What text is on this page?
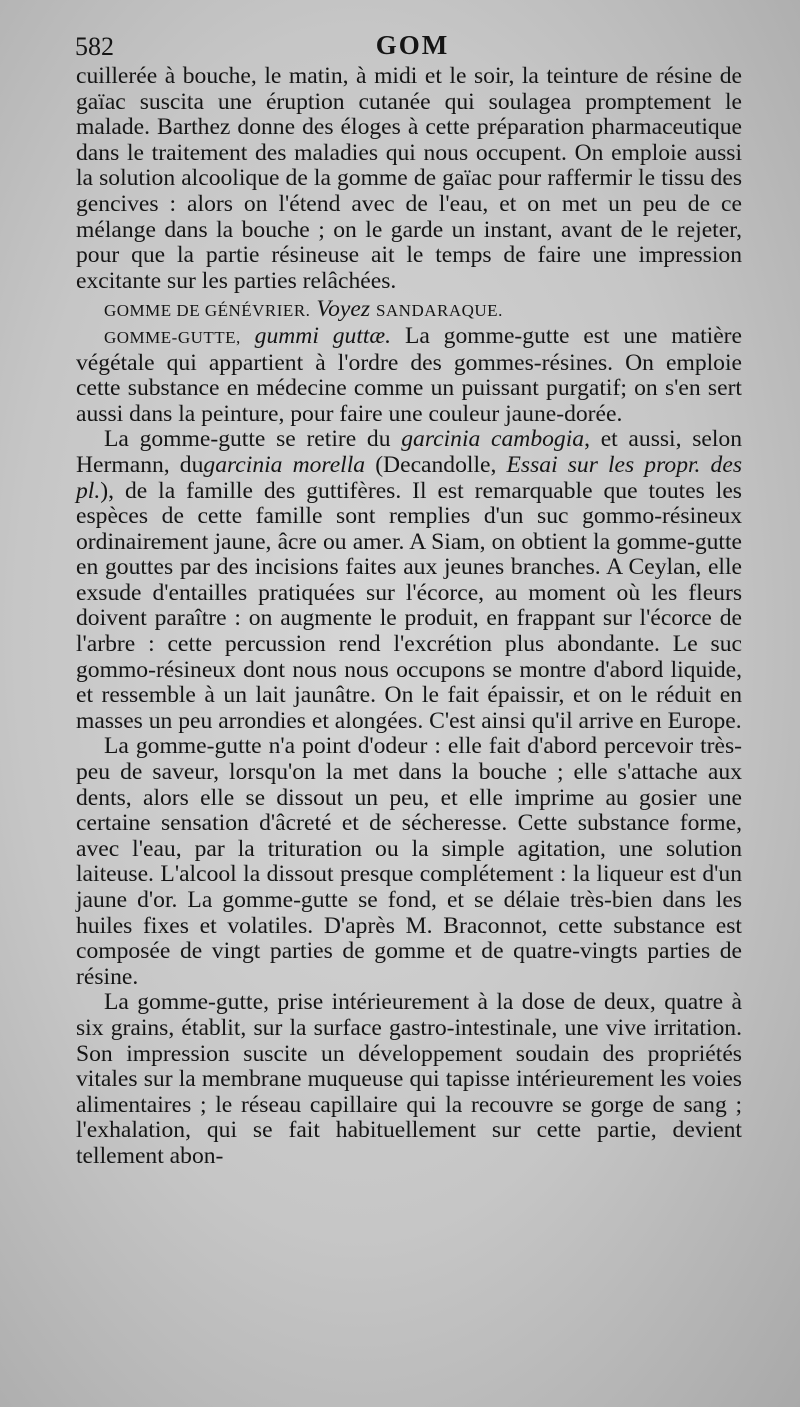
582	GOM

cuillerée à bouche, le matin, à midi et le soir, la teinture de résine de gaïac suscita une éruption cutanée qui soulagea promptement le malade. Barthez donne des éloges à cette préparation pharmaceutique dans le traitement des maladies qui nous occupent. On emploie aussi la solution alcoolique de la gomme de gaïac pour raffermir le tissu des gencives : alors on l'étend avec de l'eau, et on met un peu de ce mélange dans la bouche ; on le garde un instant, avant de le rejeter, pour que la partie résineuse ait le temps de faire une impression excitante sur les parties relâchées.

GOMME DE GÉNÉVRIER. Voyez SANDARAQUE.

GOMME-GUTTE, gummi guttæ. La gomme-gutte est une matière végétale qui appartient à l'ordre des gommes-résines. On emploie cette substance en médecine comme un puissant purgatif; on s'en sert aussi dans la peinture, pour faire une couleur jaune-dorée.

La gomme-gutte se retire du garcinia cambogia, et aussi, selon Hermann, dugarcinia morella (Decandolle, Essai sur les propr. des pl.), de la famille des guttifères. Il est remarquable que toutes les espèces de cette famille sont remplies d'un suc gommo-résineux ordinairement jaune, âcre ou amer. A Siam, on obtient la gomme-gutte en gouttes par des incisions faites aux jeunes branches. A Ceylan, elle exsude d'entailles pratiquées sur l'écorce, au moment où les fleurs doivent paraître : on augmente le produit, en frappant sur l'écorce de l'arbre : cette percussion rend l'excrétion plus abondante. Le suc gommo-résineux dont nous nous occupons se montre d'abord liquide, et ressemble à un lait jaunâtre. On le fait épaissir, et on le réduit en masses un peu arrondies et alongées. C'est ainsi qu'il arrive en Europe.

La gomme-gutte n'a point d'odeur : elle fait d'abord percevoir très-peu de saveur, lorsqu'on la met dans la bouche ; elle s'attache aux dents, alors elle se dissout un peu, et elle imprime au gosier une certaine sensation d'âcreté et de sécheresse. Cette substance forme, avec l'eau, par la trituration ou la simple agitation, une solution laiteuse. L'alcool la dissout presque complétement : la liqueur est d'un jaune d'or. La gomme-gutte se fond, et se délaie très-bien dans les huiles fixes et volatiles. D'après M. Braconnot, cette substance est composée de vingt parties de gomme et de quatre-vingts parties de résine.

La gomme-gutte, prise intérieurement à la dose de deux, quatre à six grains, établit, sur la surface gastro-intestinale, une vive irritation. Son impression suscite un développement soudain des propriétés vitales sur la membrane muqueuse qui tapisse intérieurement les voies alimentaires ; le réseau capillaire qui la recouvre se gorge de sang ; l'exhalation, qui se fait habituellement sur cette partie, devient tellement abon-
